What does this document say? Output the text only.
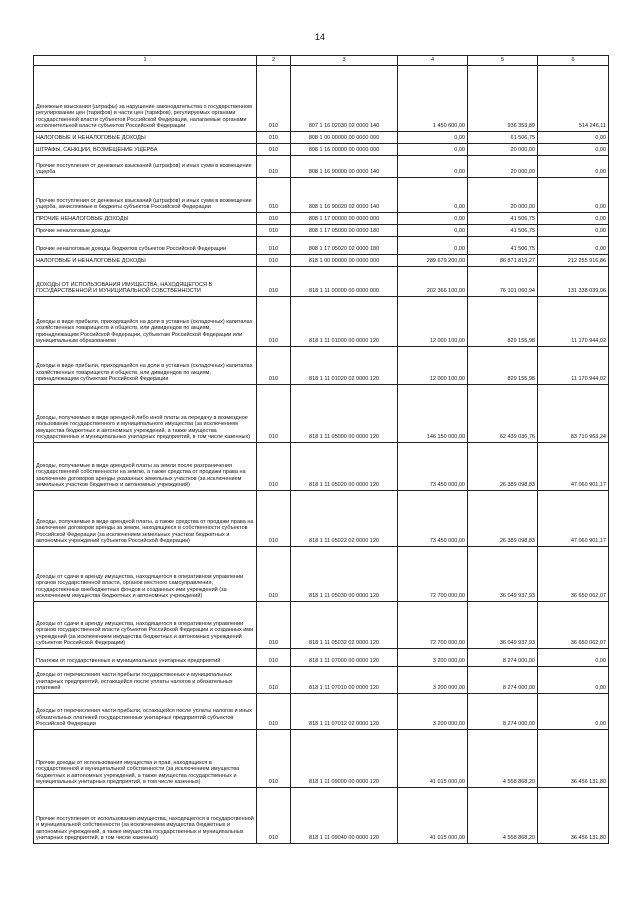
14
1	2	3	4	5	6
Денежные взыскания (штрафы) за нарушение законодательства о государственном регулировании цен (тарифов) в части цен (тарифов), регулируемых органами государственной власти субъектов Российской Федерации, налагаемые органами исполнительной власти субъектов Российской Федерации	010	807 1 16 02030 02 0000 140	1 450 600,00	936 353,89	514 246,11
НАЛОГОВЫЕ И НЕНАЛОГОВЫЕ ДОХОДЫ	010	808 1 00 00000 00 0000 000	0,00	61 506,75	0,00
ШТРАФЫ, САНКЦИИ, ВОЗМЕЩЕНИЕ УЩЕРБА	010	808 1 16 00000 00 0000 000	0,00	20 000,00	0,00
Прочие поступления от денежных взысканий (штрафов) и иных сумм в возмещение ущерба	010	808 1 16 90000 00 0000 140	0,00	20 000,00	0,00
Прочие поступления от денежных взысканий (штрафов) и иных сумм в возмещение ущерба, зачисляемые в бюджеты субъектов Российской Федерации	010	808 1 16 90020 02 0000 140	0,00	20 000,00	0,00
ПРОЧИЕ НЕНАЛОГОВЫЕ ДОХОДЫ	010	808 1 17 00000 00 0000 000	0,00	41 506,75	0,00
Прочие неналоговые доходы	010	808 1 17 05000 00 0000 180	0,00	41 506,75	0,00
Прочие неналоговые доходы бюджетов субъектов Российской Федерации	010	808 1 17 05020 02 0000 180	0,00	41 506,75	0,00
НАЛОГОВЫЕ И НЕНАЛОГОВЫЕ ДОХОДЫ	010	818 1 00 00000 00 0000 000	289 679 200,00	86 871 819,27	212 255 916,86
ДОХОДЫ ОТ ИСПОЛЬЗОВАНИЯ ИМУЩЕСТВА, НАХОДЯЩЕГОСЯ В ГОСУДАРСТВЕННОЙ И МУНИЦИПАЛЬНОЙ СОБСТВЕННОСТИ	010	818 1 11 00000 00 0000 000	202 366 100,00	76 101 060,94	131 338 039,06
Доходы в виде прибыли, приходящейся на доли в уставных (складочных) капиталах хозяйственных товариществ и обществ, или дивидендов по акциям, принадлежащим Российской Федерации, субъектам Российской Федерации или муниципальным образованиям	010	818 1 11 01000 00 0000 120	12 000 100,00	829 155,98	11 170 944,02
Доходы в виде прибыли, приходящейся на доли в уставных (складочных) капиталах хозяйственных товариществ и обществ, или дивидендов по акциям, принадлежащим субъектам Российской Федерации	010	818 1 11 01020 02 0000 120	12 000 100,00	829 155,98	11 170 944,02
Доходы, получаемые в виде арендной либо иной платы за передачу в возмездное пользование государственного и муниципального имущества (за исключением имущества бюджетных и автономных учреждений, а также имущества государственных и муниципальных унитарных предприятий, в том числе казенных)	010	818 1 11 05000 00 0000 120	146 150 000,00	62 439 036,76	83 710 963,24
Доходы, получаемые в виде арендной платы за земли после разграничения государственной собственности на землю, а также средства от продажи права на заключение договоров аренды указанных земельных участков (за исключением земельных участков бюджетных и автономных учреждений)	010	818 1 11 05020 00 0000 120	73 450 000,00	26 389 098,83	47 060 901,17
Доходы, получаемые в виде арендной платы, а также средства от продажи права на заключение договоров аренды за земли, находящиеся в собственности субъектов Российской Федерации (за исключением земельных участков бюджетных и автономных учреждений субъектов Российской Федерации)	010	818 1 11 05022 02 0000 120	73 450 000,00	26 389 098,83	47 060 901,17
Доходы от сдачи в аренду имущества, находящегося в оперативном управлении органов государственной власти, органов местного самоуправления, государственных внебюджетных фондов и созданных ими учреждений (за исключением имущества бюджетных и автономных учреждений)	010	818 1 11 05030 00 0000 120	72 700 000,00	36 049 937,93	36 650 062,07
Доходы от сдачи в аренду имущества, находящегося в оперативном управлении органов государственной власти субъектов Российской Федерации и созданных ими учреждений (за исключением имущества бюджетных и автономных учреждений субъектов Российской Федерации)	010	818 1 11 05032 02 0000 120	72 700 000,00	36 049 937,93	36 650 062,07
Платежи от государственных и муниципальных унитарных предприятий	010	818 1 11 07000 00 0000 120	3 200 000,00	8 274 000,00	0,00
Доходы от перечисления части прибыли государственных и муниципальных унитарных предприятий, остающейся после уплаты налогов и обязательных платежей	010	818 1 11 07010 00 0000 120	3 200 000,00	8 274 000,00	0,00
Доходы от перечисления части прибыли, остающейся после уплаты налогов и иных обязательных платежей государственных унитарных предприятий субъектов Российской Федерации	010	818 1 11 07012 02 0000 120	3 200 000,00	8 274 000,00	0,00
Прочие доходы от использования имущества и прав, находящихся в государственной и муниципальной собственности (за исключением имущества бюджетных и автономных учреждений, а также имущества государственных и муниципальных унитарных предприятий, в том числе казенных)	010	818 1 11 09000 00 0000 120	41 015 000,00	4 558 868,20	36 456 131,80
Прочие поступления от использования имущества, находящегося в государственной и муниципальной собственности (за исключением имущества бюджетных и автономных учреждений, а также имущества государственных и муниципальных унитарных предприятий, в том числе казенных)	010	818 1 11 09040 00 0000 120	41 015 000,00	4 558 868,20	36 456 131,80
